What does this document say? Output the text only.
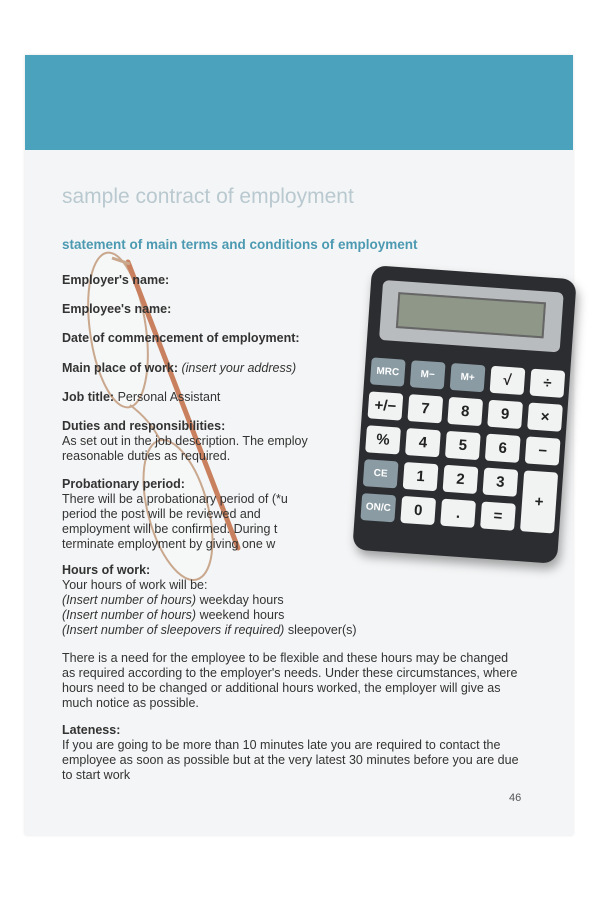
sample contract of employment
statement of main terms and conditions of employment
Employer's name:
Employee's name:
Date of commencement of employment:
Main place of work: (insert your address)
Job title: Personal Assistant
Duties and responsibilities:
As set out in the job description. The employ
reasonable duties as required.
Probationary period:
There will be a probationary period of (*u
period the post will be reviewed and
employment will be confirmed. During t
terminate employment by giving one w
Hours of work:
Your hours of work will be:
(Insert number of hours) weekday hours
(Insert number of hours) weekend hours
(Insert number of sleepovers if required) sleepover(s)
There is a need for the employee to be flexible and these hours may be changed
as required according to the employer's needs. Under these circumstances, where
hours need to be changed or additional hours worked, the employer will give as
much notice as possible.
Lateness:
If you are going to be more than 10 minutes late you are required to contact the
employee as soon as possible but at the very latest 30 minutes before you are due
to start work
46
MRC	M−	M+	√	÷
+/−	7	8	9	×
%	4	5	6	−
CE	1	2	3
+
ON/C	0	.	=
